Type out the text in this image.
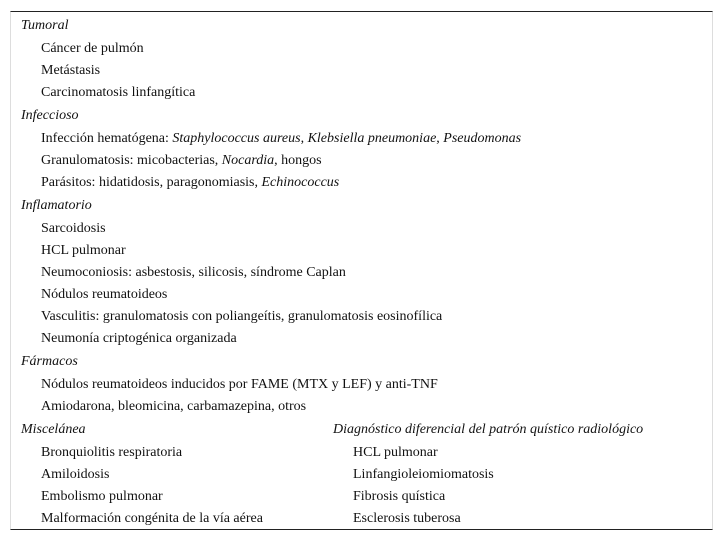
Tumoral
Cáncer de pulmón
Metástasis
Carcinomatosis linfangítica
Infeccioso
Infección hematógena: Staphylococcus aureus, Klebsiella pneumoniae, Pseudomonas
Granulomatosis: micobacterias, Nocardia, hongos
Parásitos: hidatidosis, paragonomiasis, Echinococcus
Inflamatorio
Sarcoidosis
HCL pulmonar
Neumoconiosis: asbestosis, silicosis, síndrome Caplan
Nódulos reumatoideos
Vasculitis: granulomatosis con poliangeítis, granulomatosis eosinofílica
Neumonía criptogénica organizada
Fármacos
Nódulos reumatoideos inducidos por FAME (MTX y LEF) y anti-TNF
Amiodarona, bleomicina, carbamazepina, otros
Miscelánea
Bronquiolitis respiratoria
Amiloidosis
Embolismo pulmonar
Malformación congénita de la vía aérea
Diagnóstico diferencial del patrón quístico radiológico
HCL pulmonar
Linfangioleiomiomatosis
Fibrosis quística
Esclerosis tuberosa
